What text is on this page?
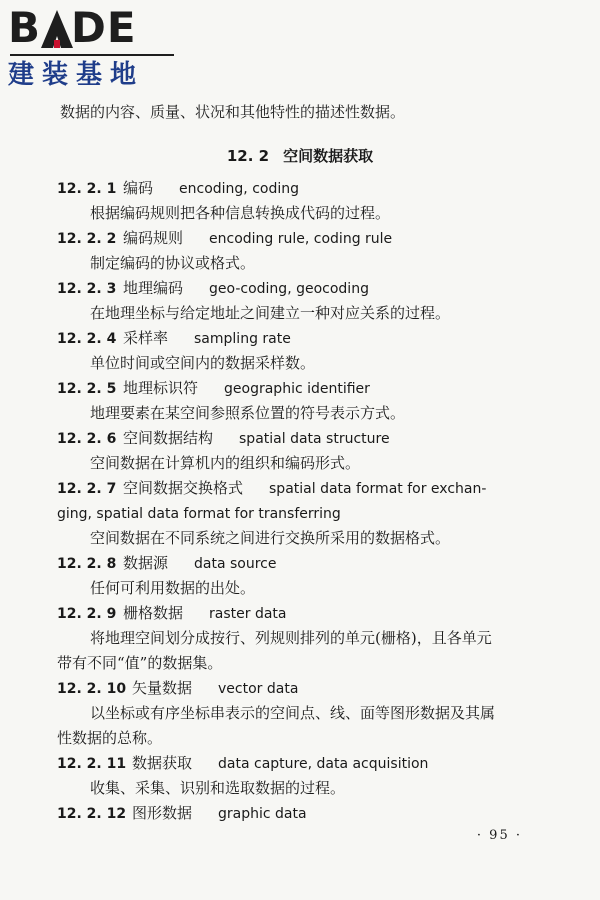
B DE
建装基地
数据的内容、质量、状况和其他特性的描述性数据。
12. 2 空间数据获取
12. 2. 1 编码 encoding, coding
根据编码规则把各种信息转换成代码的过程。
12. 2. 2 编码规则 encoding rule, coding rule
制定编码的协议或格式。
12. 2. 3 地理编码 geo-coding, geocoding
在地理坐标与给定地址之间建立一种对应关系的过程。
12. 2. 4 采样率 sampling rate
单位时间或空间内的数据采样数。
12. 2. 5 地理标识符 geographic identifier
地理要素在某空间参照系位置的符号表示方式。
12. 2. 6 空间数据结构 spatial data structure
空间数据在计算机内的组织和编码形式。
12. 2. 7 空间数据交换格式 spatial data format for exchan-
ging, spatial data format for transferring
空间数据在不同系统之间进行交换所采用的数据格式。
12. 2. 8 数据源 data source
任何可利用数据的出处。
12. 2. 9 栅格数据 raster data
将地理空间划分成按行、列规则排列的单元(栅格)，且各单元
带有不同“值”的数据集。
12. 2. 10 矢量数据 vector data
以坐标或有序坐标串表示的空间点、线、面等图形数据及其属
性数据的总称。
12. 2. 11 数据获取 data capture, data acquisition
收集、采集、识别和选取数据的过程。
12. 2. 12 图形数据 graphic data
· 95 ·
